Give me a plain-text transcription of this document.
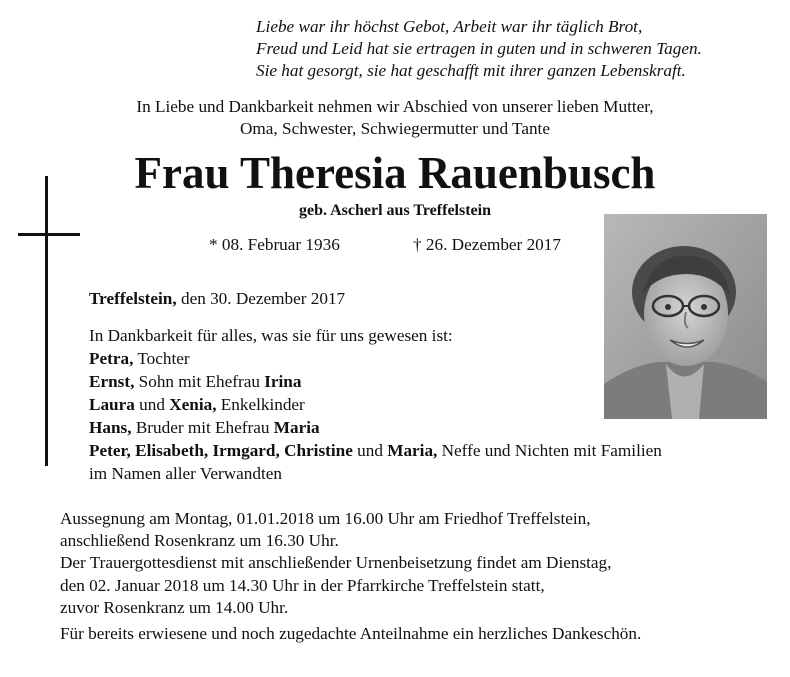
Liebe war ihr höchst Gebot, Arbeit war ihr täglich Brot,
Freud und Leid hat sie ertragen in guten und in schweren Tagen.
Sie hat gesorgt, sie hat geschafft mit ihrer ganzen Lebenskraft.
In Liebe und Dankbarkeit nehmen wir Abschied von unserer lieben Mutter,
Oma, Schwester, Schwiegermutter und Tante
Frau Theresia Rauenbusch
geb. Ascherl aus Treffelstein
* 08. Februar 1936	† 26. Dezember 2017
Treffelstein, den 30. Dezember 2017
In Dankbarkeit für alles, was sie für uns gewesen ist:
Petra, Tochter
Ernst, Sohn mit Ehefrau Irina
Laura und Xenia, Enkelkinder
Hans, Bruder mit Ehefrau Maria
Peter, Elisabeth, Irmgard, Christine und Maria, Neffe und Nichten mit Familien
im Namen aller Verwandten
Aussegnung am Montag, 01.01.2018 um 16.00 Uhr am Friedhof Treffelstein,
anschließend Rosenkranz um 16.30 Uhr.
Der Trauergottesdienst mit anschließender Urnenbeisetzung findet am Dienstag,
den 02. Januar 2018 um 14.30 Uhr in der Pfarrkirche Treffelstein statt,
zuvor Rosenkranz um 14.00 Uhr.
Für bereits erwiesene und noch zugedachte Anteilnahme ein herzliches Dankeschön.
